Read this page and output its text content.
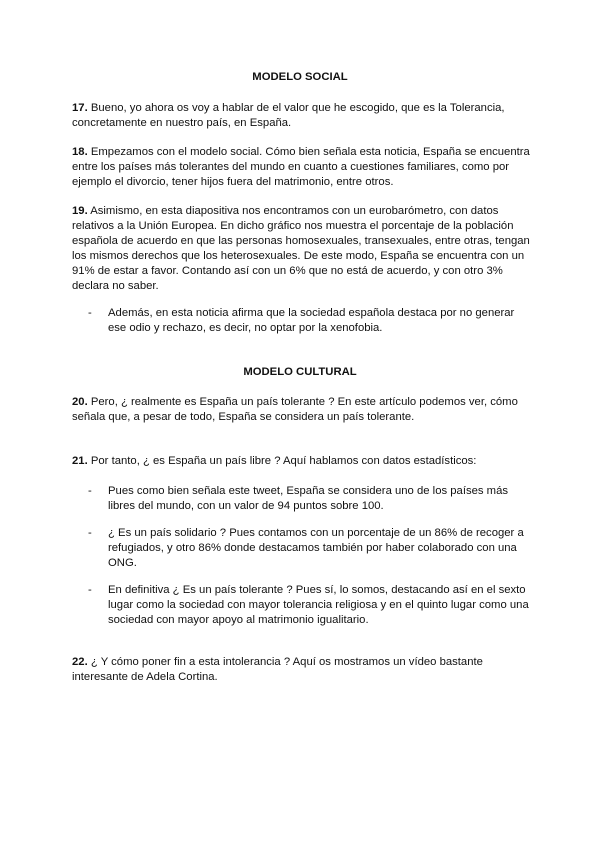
MODELO SOCIAL

17. Bueno, yo ahora os voy a hablar de el valor que he escogido, que es la Tolerancia, concretamente en nuestro país, en España.

18. Empezamos con el modelo social. Cómo bien señala esta noticia, España se encuentra entre los países más tolerantes del mundo en cuanto a cuestiones familiares, como por ejemplo el divorcio, tener hijos fuera del matrimonio, entre otros.

19. Asimismo, en esta diapositiva nos encontramos con un eurobarómetro, con datos relativos a la Unión Europea. En dicho gráfico nos muestra el porcentaje de la población española de acuerdo en que las personas homosexuales, transexuales, entre otras, tengan los mismos derechos que los heterosexuales. De este modo, España se encuentra con un 91% de estar a favor. Contando así con un 6% que no está de acuerdo, y con otro 3% declara no saber.

-	Además, en esta noticia afirma que la sociedad española destaca por no generar ese odio y rechazo, es decir, no optar por la xenofobia.

MODELO CULTURAL

20. Pero, ¿ realmente es España un país tolerante ? En este artículo podemos ver, cómo señala que, a pesar de todo, España se considera un país tolerante.

21. Por tanto, ¿ es España un país libre ? Aquí hablamos con datos estadísticos:

-	Pues como bien señala este tweet, España se considera uno de los países más libres del mundo, con un valor de 94 puntos sobre 100.
-	¿ Es un país solidario ? Pues contamos con un porcentaje de un 86% de recoger a refugiados, y otro 86% donde destacamos también por haber colaborado con una ONG.
-	En definitiva ¿ Es un país tolerante ? Pues sí, lo somos, destacando así en el sexto lugar como la sociedad con mayor tolerancia religiosa y en el quinto lugar como una sociedad con mayor apoyo al matrimonio igualitario.

22. ¿ Y cómo poner fin a esta intolerancia ? Aquí os mostramos un vídeo bastante interesante de Adela Cortina.
